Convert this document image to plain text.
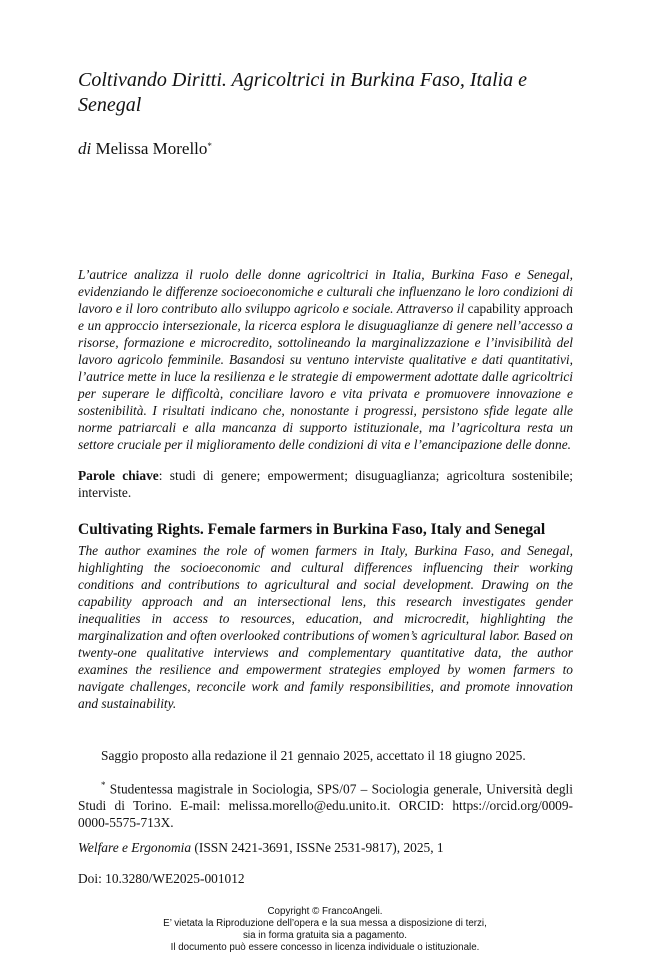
Coltivando Diritti. Agricoltrici in Burkina Faso, Italia e Senegal

di Melissa Morello*

L’autrice analizza il ruolo delle donne agricoltrici in Italia, Burkina Faso e Senegal, evidenziando le differenze socioeconomiche e culturali che influenzano le loro condizioni di lavoro e il loro contributo allo sviluppo agricolo e sociale. Attraverso il capability approach e un approccio intersezionale, la ricerca esplora le disuguaglianze di genere nell’accesso a risorse, formazione e microcredito, sottolineando la marginalizzazione e l’invisibilità del lavoro agricolo femminile. Basandosi su ventuno interviste qualitative e dati quantitativi, l’autrice mette in luce la resilienza e le strategie di empowerment adottate dalle agricoltrici per superare le difficoltà, conciliare lavoro e vita privata e promuovere innovazione e sostenibilità. I risultati indicano che, nonostante i progressi, persistono sfide legate alle norme patriarcali e alla mancanza di supporto istituzionale, ma l’agricoltura resta un settore cruciale per il miglioramento delle condizioni di vita e l’emancipazione delle donne.

Parole chiave: studi di genere; empowerment; disuguaglianza; agricoltura sostenibile; interviste.

Cultivating Rights. Female farmers in Burkina Faso, Italy and Senegal

The author examines the role of women farmers in Italy, Burkina Faso, and Senegal, highlighting the socioeconomic and cultural differences influencing their working conditions and contributions to agricultural and social development. Drawing on the capability approach and an intersectional lens, this research investigates gender inequalities in access to resources, education, and microcredit, highlighting the marginalization and often overlooked contributions of women’s agricultural labor. Based on twenty-one qualitative interviews and complementary quantitative data, the author examines the resilience and empowerment strategies employed by women farmers to navigate challenges, reconcile work and family responsibilities, and promote innovation and sustainability.

Saggio proposto alla redazione il 21 gennaio 2025, accettato il 18 giugno 2025.

* Studentessa magistrale in Sociologia, SPS/07 – Sociologia generale, Università degli Studi di Torino. E-mail: melissa.morello@edu.unito.it. ORCID: https://orcid.org/0009-0000-5575-713X.

Welfare e Ergonomia (ISSN 2421-3691, ISSNe 2531-9817), 2025, 1

Doi: 10.3280/WE2025-001012

Copyright © FrancoAngeli.
E’ vietata la Riproduzione dell’opera e la sua messa a disposizione di terzi,
sia in forma gratuita sia a pagamento.
Il documento può essere concesso in licenza individuale o istituzionale.
